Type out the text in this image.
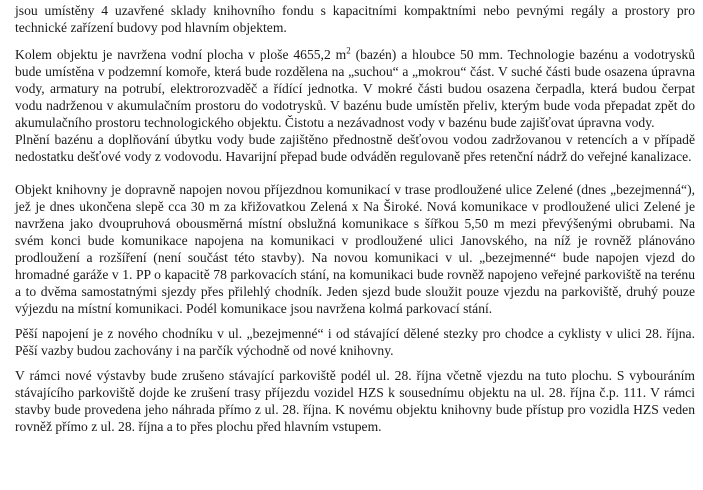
jsou umístěny 4 uzavřené sklady knihovního fondu s kapacitními kompaktními nebo pevnými regály a prostory pro technické zařízení budovy pod hlavním objektem.

Kolem objektu je navržena vodní plocha v ploše 4655,2 $m^2$ (bazén) a hloubce 50 mm. Technologie bazénu a vodotrysků bude umístěna v podzemní komoře, která bude rozdělena na „suchou“ a „mokrou“ část. V suché části bude osazena úpravna vody, armatury na potrubí, elektrorozvaděč a řídící jednotka. V mokré části budou osazena čerpadla, která budou čerpat vodu nadrženou v akumulačním prostoru do vodotrysků. V bazénu bude umístěn přeliv, kterým bude voda přepadat zpět do akumulačního prostoru technologického objektu. Čistotu a nezávadnost vody v bazénu bude zajišťovat úpravna vody.

Plnění bazénu a doplňování úbytku vody bude zajištěno přednostně dešťovou vodou zadržovanou v retencích a v případě nedostatku dešťové vody z vodovodu. Havarijní přepad bude odváděn regulovaně přes retenční nádrž do veřejné kanalizace.

Objekt knihovny je dopravně napojen novou příjezdnou komunikací v trase prodloužené ulice Zelené (dnes „bezejmenná“), jež je dnes ukončena slepě cca 30 m za křižovatkou Zelená x Na Široké. Nová komunikace v prodloužené ulici Zelené je navržena jako dvoupruhová obousměrná místní obslužná komunikace s šířkou 5,50 m mezi převýšenými obrubami. Na svém konci bude komunikace napojena na komunikaci v prodloužené ulici Janovského, na níž je rovněž plánováno prodloužení a rozšíření (není součást této stavby). Na novou komunikaci v ul. „bezejmenné“ bude napojen vjezd do hromadné garáže v 1. PP o kapacitě 78 parkovacích stání, na komunikaci bude rovněž napojeno veřejné parkoviště na terénu a to dvěma samostatnými sjezdy přes přilehlý chodník. Jeden sjezd bude sloužit pouze vjezdu na parkoviště, druhý pouze výjezdu na místní komunikaci. Podél komunikace jsou navržena kolmá parkovací stání.

Pěší napojení je z nového chodníku v ul. „bezejmenné“ i od stávající dělené stezky pro chodce a cyklisty v ulici 28. října. Pěší vazby budou zachovány i na parčík východně od nové knihovny.

V rámci nové výstavby bude zrušeno stávající parkoviště podél ul. 28. října včetně vjezdu na tuto plochu. S vybouráním stávajícího parkoviště dojde ke zrušení trasy příjezdu vozidel HZS k sousednímu objektu na ul. 28. října č.p. 111. V rámci stavby bude provedena jeho náhrada přímo z ul. 28. října. K novému objektu knihovny bude přístup pro vozidla HZS veden rovněž přímo z ul. 28. října a to přes plochu před hlavním vstupem.
